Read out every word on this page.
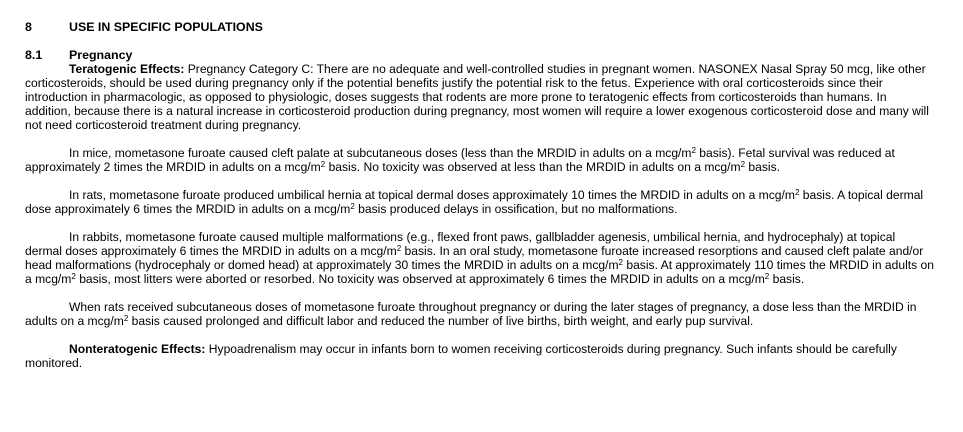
8	USE IN SPECIFIC POPULATIONS
8.1	Pregnancy

Teratogenic Effects: Pregnancy Category C: There are no adequate and well-controlled studies in pregnant women. NASONEX Nasal Spray 50 mcg, like other corticosteroids, should be used during pregnancy only if the potential benefits justify the potential risk to the fetus. Experience with oral corticosteroids since their introduction in pharmacologic, as opposed to physiologic, doses suggests that rodents are more prone to teratogenic effects from corticosteroids than humans. In addition, because there is a natural increase in corticosteroid production during pregnancy, most women will require a lower exogenous corticosteroid dose and many will not need corticosteroid treatment during pregnancy.

In mice, mometasone furoate caused cleft palate at subcutaneous doses (less than the MRDID in adults on a mcg/$m^2$ basis). Fetal survival was reduced at approximately 2 times the MRDID in adults on a mcg/$m^2$ basis. No toxicity was observed at less than the MRDID in adults on a mcg/$m^2$ basis.

In rats, mometasone furoate produced umbilical hernia at topical dermal doses approximately 10 times the MRDID in adults on a mcg/$m^2$ basis. A topical dermal dose approximately 6 times the MRDID in adults on a mcg/$m^2$ basis produced delays in ossification, but no malformations.

In rabbits, mometasone furoate caused multiple malformations (e.g., flexed front paws, gallbladder agenesis, umbilical hernia, and hydrocephaly) at topical dermal doses approximately 6 times the MRDID in adults on a mcg/$m^2$ basis. In an oral study, mometasone furoate increased resorptions and caused cleft palate and/or head malformations (hydrocephaly or domed head) at approximately 30 times the MRDID in adults on a mcg/$m^2$ basis. At approximately 110 times the MRDID in adults on a mcg/$m^2$ basis, most litters were aborted or resorbed. No toxicity was observed at approximately 6 times the MRDID in adults on a mcg/$m^2$ basis.

When rats received subcutaneous doses of mometasone furoate throughout pregnancy or during the later stages of pregnancy, a dose less than the MRDID in adults on a mcg/$m^2$ basis caused prolonged and difficult labor and reduced the number of live births, birth weight, and early pup survival.

Nonteratogenic Effects: Hypoadrenalism may occur in infants born to women receiving corticosteroids during pregnancy. Such infants should be carefully monitored.
